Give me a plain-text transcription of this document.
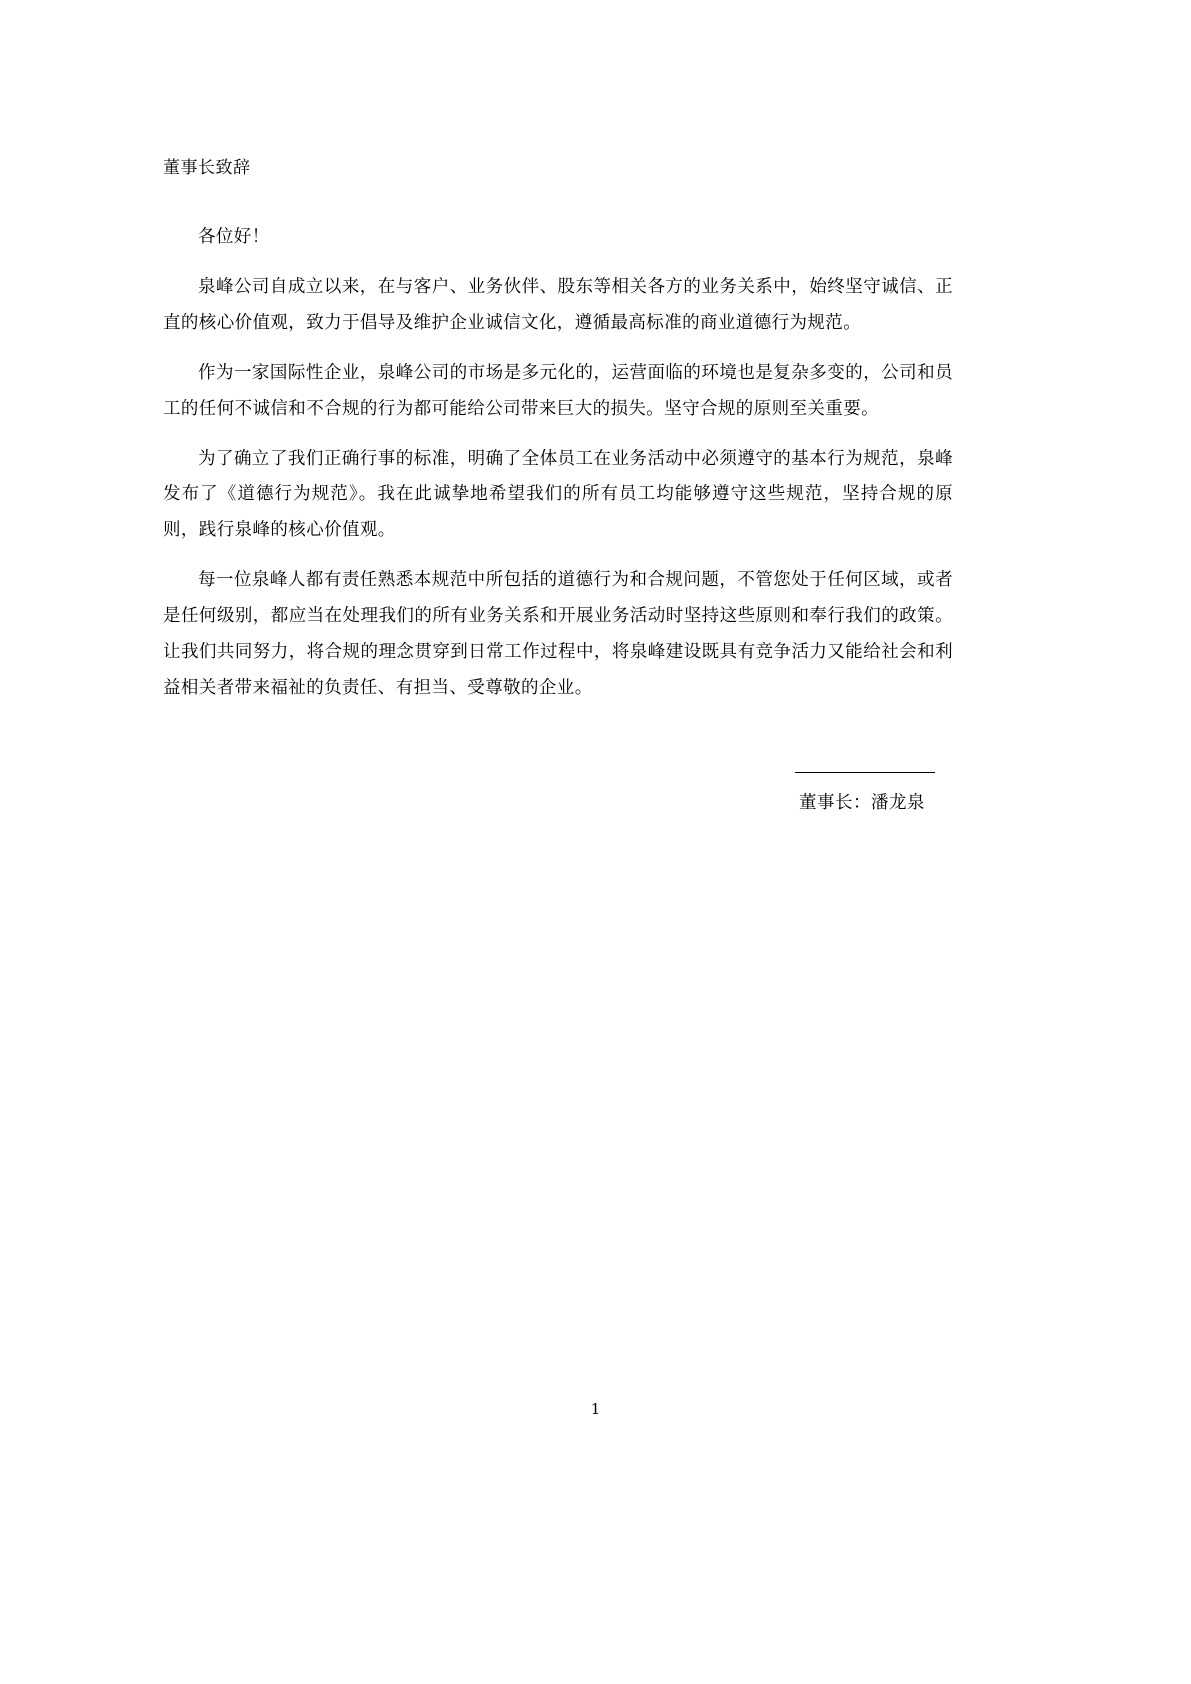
董事长致辞

各位好！

泉峰公司自成立以来，在与客户、业务伙伴、股东等相关各方的业务关系中，始终坚守诚信、正直的核心价值观，致力于倡导及维护企业诚信文化，遵循最高标准的商业道德行为规范。

作为一家国际性企业，泉峰公司的市场是多元化的，运营面临的环境也是复杂多变的，公司和员工的任何不诚信和不合规的行为都可能给公司带来巨大的损失。坚守合规的原则至关重要。

为了确立了我们正确行事的标准，明确了全体员工在业务活动中必须遵守的基本行为规范，泉峰发布了《道德行为规范》。我在此诚挚地希望我们的所有员工均能够遵守这些规范，坚持合规的原则，践行泉峰的核心价值观。

每一位泉峰人都有责任熟悉本规范中所包括的道德行为和合规问题，不管您处于任何区域，或者是任何级别，都应当在处理我们的所有业务关系和开展业务活动时坚持这些原则和奉行我们的政策。让我们共同努力，将合规的理念贯穿到日常工作过程中，将泉峰建设既具有竞争活力又能给社会和利益相关者带来福祉的负责任、有担当、受尊敬的企业。

董事长：潘龙泉
1
